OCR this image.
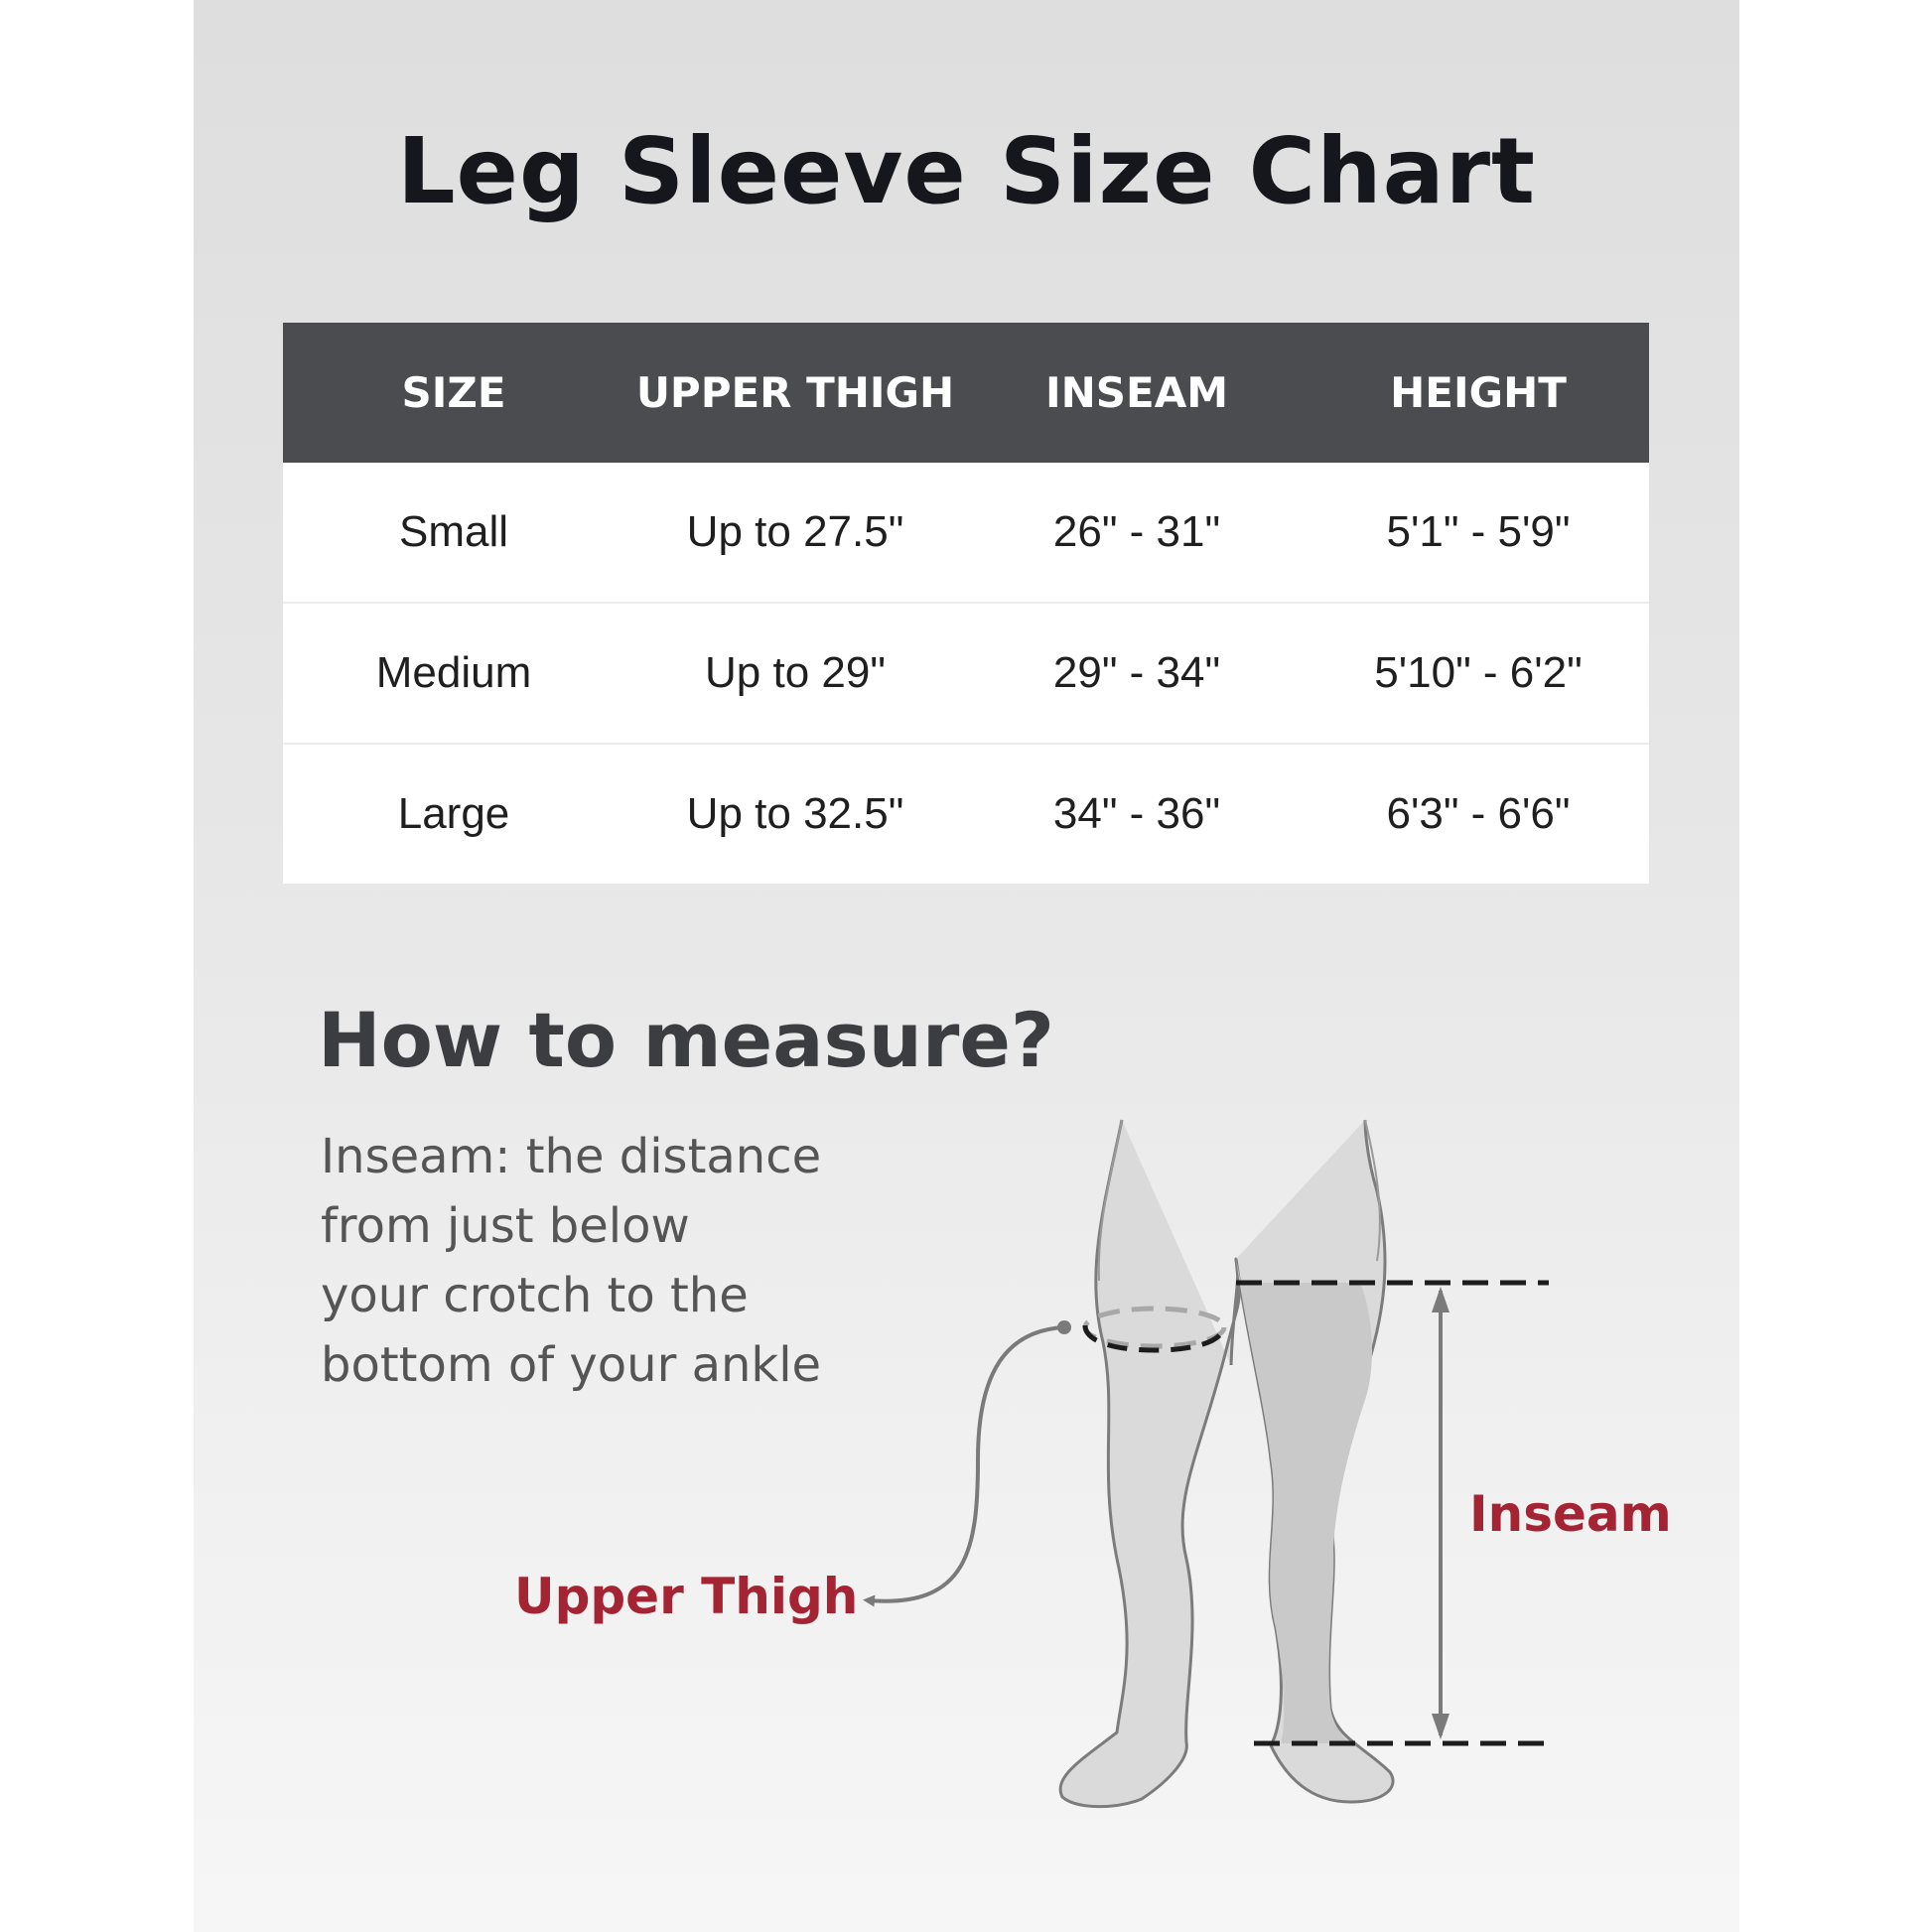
Leg Sleeve Size Chart
SIZE	UPPER THIGH	INSEAM	HEIGHT
Small	Up to 27.5"	26" - 31"	5'1" - 5'9"
Medium	Up to 29"	29" - 34"	5'10" - 6'2"
Large	Up to 32.5"	34" - 36"	6'3" - 6'6"
How to measure?
Inseam: the distance
from just below
your crotch to the
bottom of your ankle
Upper Thigh
Inseam
